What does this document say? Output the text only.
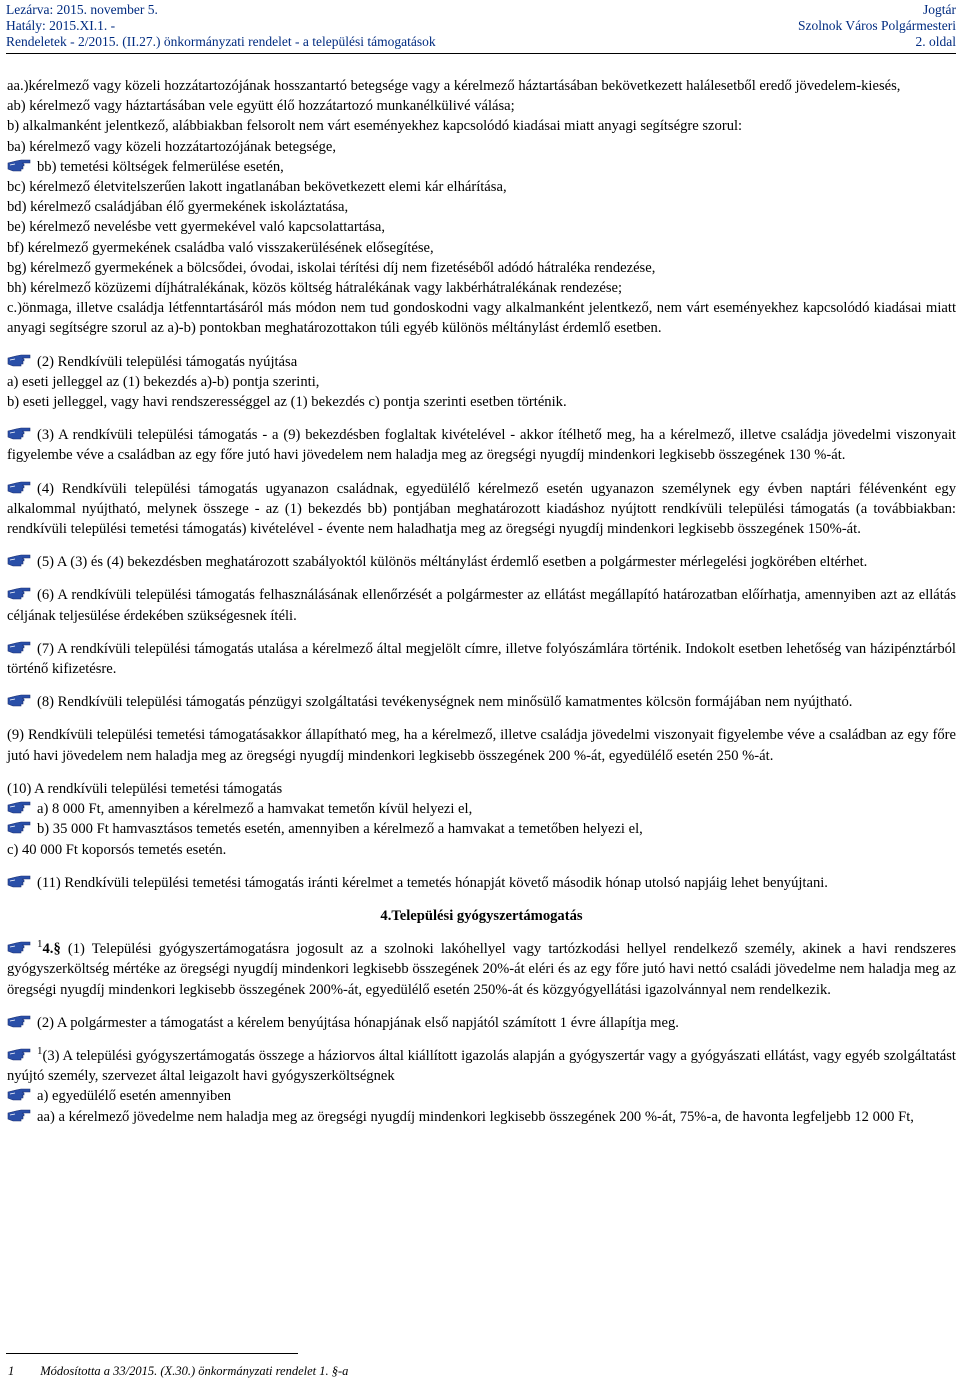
Lezárva: 2015. november 5.
Hatály: 2015.XI.1. -
Rendeletek - 2/2015. (II.27.) önkormányzati rendelet - a települési támogatások
Jogtár
Szolnok Város Polgármesteri
2. oldal

aa.)kérelmező vagy közeli hozzátartozójának hosszantartó betegsége vagy a kérelmező háztartásában bekövetkezett halálesetből eredő jövedelem-kiesés,

ab) kérelmező vagy háztartásában vele együtt élő hozzátartozó munkanélkülivé válása;

b) alkalmanként jelentkező, alábbiakban felsorolt nem várt eseményekhez kapcsolódó kiadásai miatt anyagi segítségre szorul:

ba) kérelmező vagy közeli hozzátartozójának betegsége,

bb) temetési költségek felmerülése esetén,

bc) kérelmező életvitelszerűen lakott ingatlanában bekövetkezett elemi kár elhárítása,

bd) kérelmező családjában élő gyermekének iskoláztatása,

be) kérelmező nevelésbe vett gyermekével való kapcsolattartása,

bf) kérelmező gyermekének családba való visszakerülésének elősegítése,

bg) kérelmező gyermekének a bölcsődei, óvodai, iskolai térítési díj nem fizetéséből adódó hátraléka rendezése,

bh) kérelmező közüzemi díjhátralékának, közös költség hátralékának vagy lakbérhátralékának rendezése;

c.)önmaga, illetve családja létfenntartásáról más módon nem tud gondoskodni vagy alkalmanként jelentkező, nem várt eseményekhez kapcsolódó kiadásai miatt anyagi segítségre szorul az a)-b) pontokban meghatározottakon túli egyéb különös méltánylást érdemlő esetben.

(2) Rendkívüli települési támogatás nyújtása

a) eseti jelleggel az (1) bekezdés a)-b) pontja szerinti,

b) eseti jelleggel, vagy havi rendszerességgel az (1) bekezdés c) pontja szerinti esetben történik.

(3) A rendkívüli települési támogatás - a (9) bekezdésben foglaltak kivételével - akkor ítélhető meg, ha a kérelmező, illetve családja jövedelmi viszonyait figyelembe véve a családban az egy főre jutó havi jövedelem nem haladja meg az öregségi nyugdíj mindenkori legkisebb összegének 130 %-át.

(4) Rendkívüli települési támogatás ugyanazon családnak, egyedülélő kérelmező esetén ugyanazon személynek egy évben naptári félévenként egy alkalommal nyújtható, melynek összege - az (1) bekezdés bb) pontjában meghatározott kiadáshoz nyújtott rendkívüli települési támogatás (a továbbiakban: rendkívüli települési temetési támogatás) kivételével - évente nem haladhatja meg az öregségi nyugdíj mindenkori legkisebb összegének 150%-át.

(5) A (3) és (4) bekezdésben meghatározott szabályoktól különös méltánylást érdemlő esetben a polgármester mérlegelési jogkörében eltérhet.

(6) A rendkívüli települési támogatás felhasználásának ellenőrzését a polgármester az ellátást megállapító határozatban előírhatja, amennyiben azt az ellátás céljának teljesülése érdekében szükségesnek ítéli.

(7) A rendkívüli települési támogatás utalása a kérelmező által megjelölt címre, illetve folyószámlára történik. Indokolt esetben lehetőség van házipénztárból történő kifizetésre.

(8) Rendkívüli települési támogatás pénzügyi szolgáltatási tevékenységnek nem minősülő kamatmentes kölcsön formájában nem nyújtható.

(9) Rendkívüli települési temetési támogatásakkor állapítható meg, ha a kérelmező, illetve családja jövedelmi viszonyait figyelembe véve a családban az egy főre jutó havi jövedelem nem haladja meg az öregségi nyugdíj mindenkori legkisebb összegének 200 %-át, egyedülélő esetén 250 %-át.

(10) A rendkívüli települési temetési támogatás

a) 8 000 Ft, amennyiben a kérelmező a hamvakat temetőn kívül helyezi el,

b) 35 000 Ft hamvasztásos temetés esetén, amennyiben a kérelmező a hamvakat a temetőben helyezi el,

c) 40 000 Ft koporsós temetés esetén.

(11) Rendkívüli települési temetési támogatás iránti kérelmet a temetés hónapját követő második hónap utolsó napjáig lehet benyújtani.

4.Települési gyógyszertámogatás

$^1$4.§ (1) Települési gyógyszertámogatásra jogosult az a szolnoki lakóhellyel vagy tartózkodási hellyel rendelkező személy, akinek a havi rendszeres gyógyszerköltség mértéke az öregségi nyugdíj mindenkori legkisebb összegének 20%-át eléri és az egy főre jutó havi nettó családi jövedelme nem haladja meg az öregségi nyugdíj mindenkori legkisebb összegének 200%-át, egyedülélő esetén 250%-át és közgyógyellátási igazolvánnyal nem rendelkezik.

(2) A polgármester a támogatást a kérelem benyújtása hónapjának első napjától számított 1 évre állapítja meg.

$^1$(3) A települési gyógyszertámogatás összege a háziorvos által kiállított igazolás alapján a gyógyszertár vagy a gyógyászati ellátást, vagy egyéb szolgáltatást nyújtó személy, szervezet által leigazolt havi gyógyszerköltségnek

a) egyedülélő esetén amennyiben

aa) a kérelmező jövedelme nem haladja meg az öregségi nyugdíj mindenkori legkisebb összegének 200 %-át, 75%-a, de havonta legfeljebb 12 000 Ft,

1 Módosította a 33/2015. (X.30.) önkormányzati rendelet 1. §-a
